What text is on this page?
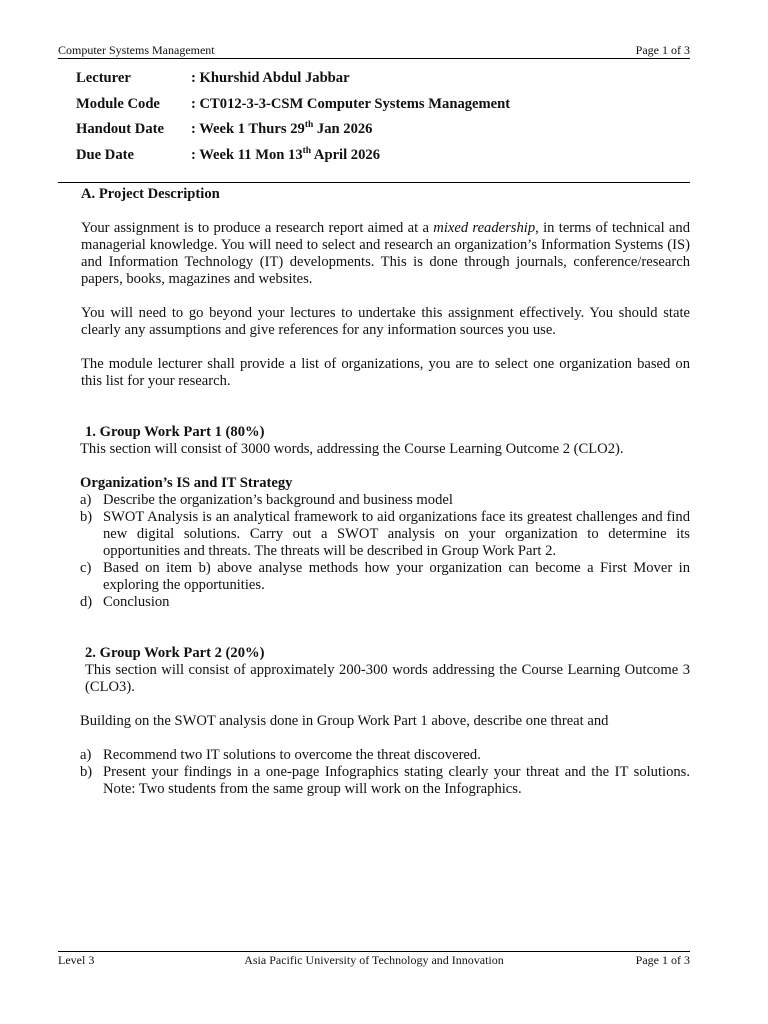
Computer Systems Management	Page 1 of 3
Lecturer	: Khurshid Abdul Jabbar
Module Code	: CT012-3-3-CSM Computer Systems Management
Handout Date	: Week 1 Thurs 29th Jan 2026
Due Date	: Week 11 Mon 13th April 2026

A. Project Description

Your assignment is to produce a research report aimed at a mixed readership, in terms of technical and managerial knowledge. You will need to select and research an organization’s Information Systems (IS) and Information Technology (IT) developments. This is done through journals, conference/research papers, books, magazines and websites.

You will need to go beyond your lectures to undertake this assignment effectively. You should state clearly any assumptions and give references for any information sources you use.

The module lecturer shall provide a list of organizations, you are to select one organization based on this list for your research.

1. Group Work Part 1 (80%)

This section will consist of 3000 words, addressing the Course Learning Outcome 2 (CLO2).

Organization’s IS and IT Strategy

a) Describe the organization’s background and business model
b) SWOT Analysis is an analytical framework to aid organizations face its greatest challenges and find new digital solutions. Carry out a SWOT analysis on your organization to determine its opportunities and threats. The threats will be described in Group Work Part 2.
c) Based on item b) above analyse methods how your organization can become a First Mover in exploring the opportunities.
d) Conclusion

2. Group Work Part 2 (20%)

This section will consist of approximately 200-300 words addressing the Course Learning Outcome 3 (CLO3).

Building on the SWOT analysis done in Group Work Part 1 above, describe one threat and

a) Recommend two IT solutions to overcome the threat discovered.
b) Present your findings in a one-page Infographics stating clearly your threat and the IT solutions. Note: Two students from the same group will work on the Infographics.
Level 3	Asia Pacific University of Technology and Innovation	Page 1 of 3
